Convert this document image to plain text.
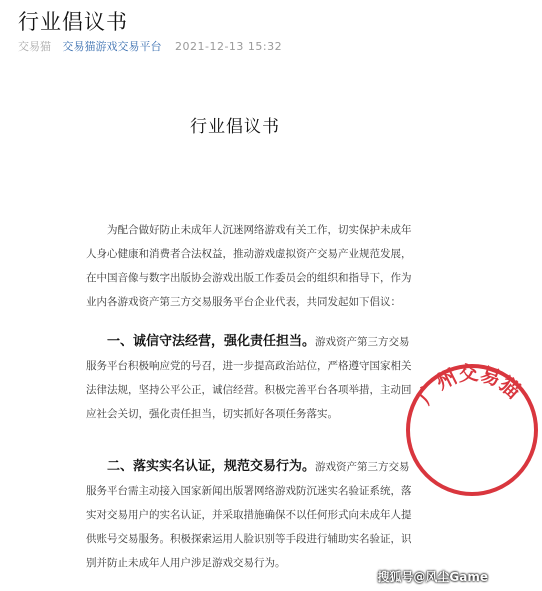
行业倡议书
交易猫 交易猫游戏交易平台 2021-12-13 15:32
行业倡议书
为配合做好防止未成年人沉迷网络游戏有关工作，切实保护未成年人身心健康和消费者合法权益，推动游戏虚拟资产交易产业规范发展，在中国音像与数字出版协会游戏出版工作委员会的组织和指导下，作为业内各游戏资产第三方交易服务平台企业代表，共同发起如下倡议：
一、诚信守法经营，强化责任担当。游戏资产第三方交易服务平台积极响应党的号召，进一步提高政治站位，严格遵守国家相关法律法规，坚持公平公正，诚信经营。积极完善平台各项举措，主动回应社会关切，强化责任担当，切实抓好各项任务落实。
二、落实实名认证，规范交易行为。游戏资产第三方交易服务平台需主动接入国家新闻出版署网络游戏防沉迷实名验证系统，落实对交易用户的实名认证，并采取措施确保不以任何形式向未成年人提供账号交易服务。积极探索运用人脸识别等手段进行辅助实名验证，识别并防止未成年人用户涉足游戏交易行为。
广州交易猫
搜狐号@风尘Game
